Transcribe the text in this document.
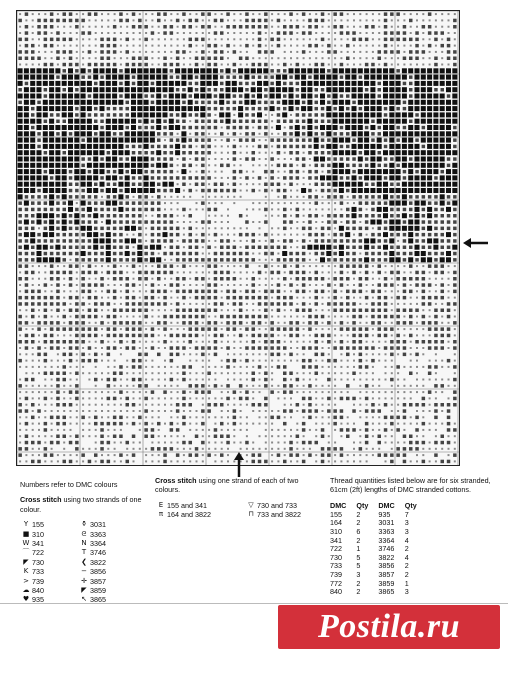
Numbers refer to DMC colours
Cross stitch using two strands of one colour.
Y 155
■ 310
W 341
⌒ 722
◤ 730
K 733
> 739
☁ 840
♥ 935
⚱ 3031
ᘓ 3363
N 3364
T 3746
❮ 3822
− 3856
✛ 3857
◤ 3859
↖ 3865
Cross stitch using one strand of each of two colours.
E 155 and 341	▽ 730 and 733
π 164 and 3822	⊓ 733 and 3822
Thread quantities listed below are for six stranded, 61cm (2ft) lengths of DMC stranded cottons.
DMC	Qty	DMC	Qty
155	2	935	7
164	2	3031	3
310	6	3363	3
341	2	3364	4
722	1	3746	2
730	5	3822	4
733	5	3856	2
739	3	3857	2
772	2	3859	1
840	2	3865	3
Postila.ru
